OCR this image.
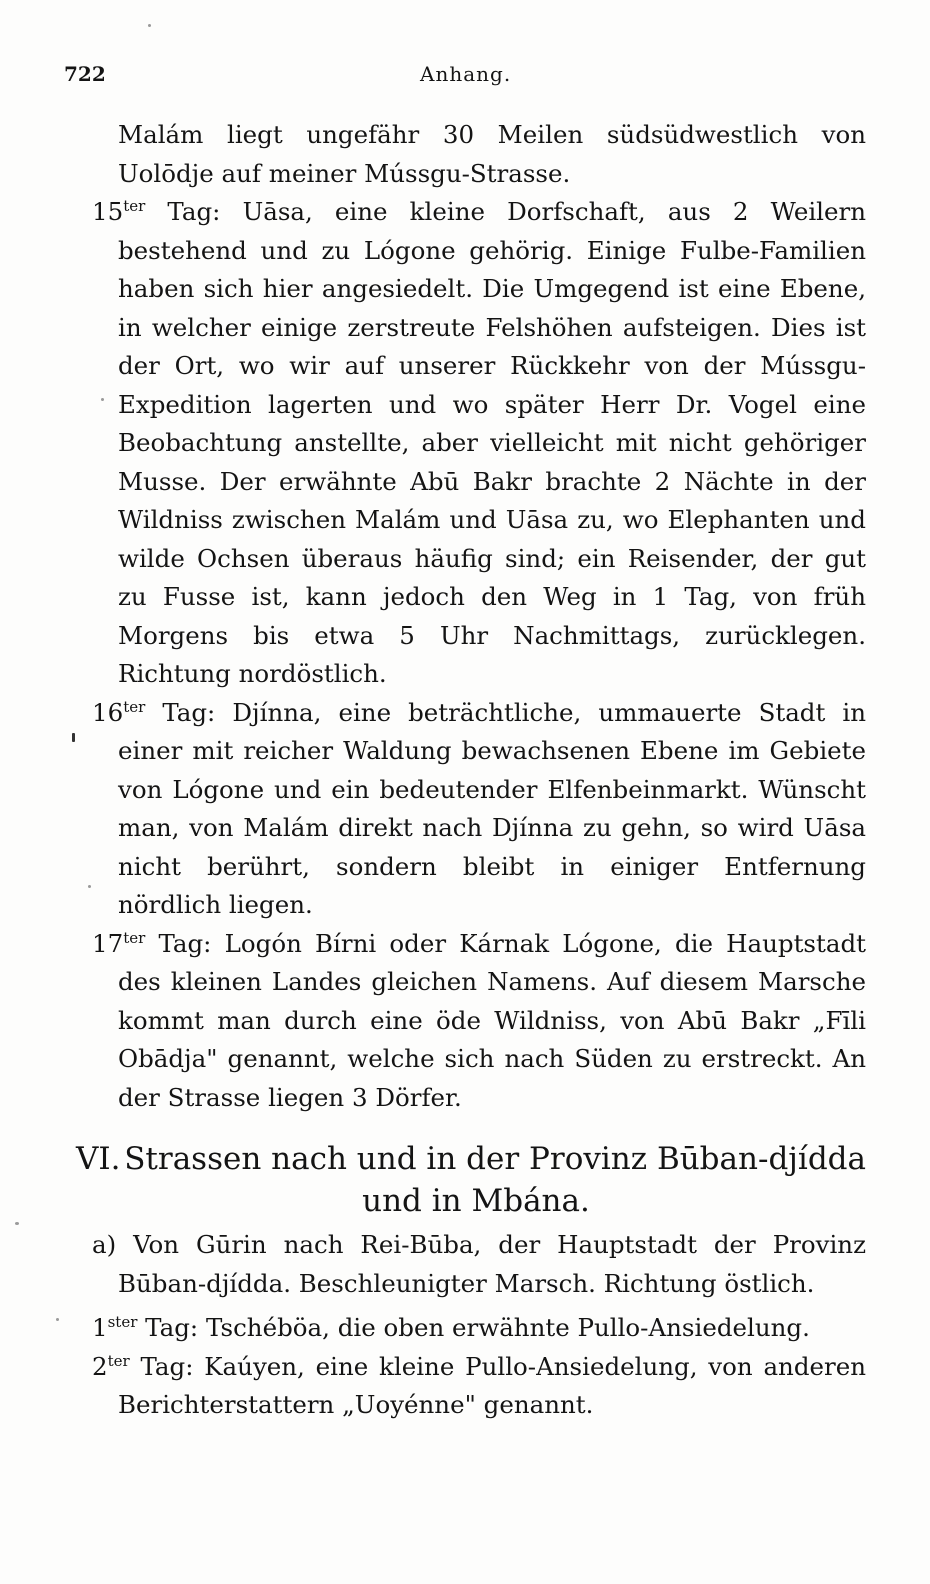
722	Anhang.

Malám liegt ungefähr 30 Meilen südsüdwestlich von Uolōdje auf meiner Mússgu-Strasse.

$15^{ter}$ Tag: Uāsa, eine kleine Dorfschaft, aus 2 Weilern bestehend und zu Lógone gehörig. Einige Fulbe-Familien haben sich hier angesiedelt. Die Umgegend ist eine Ebene, in welcher einige zerstreute Felshöhen aufsteigen. Dies ist der Ort, wo wir auf unserer Rückkehr von der Mússgu-Expedition lagerten und wo später Herr Dr. Vogel eine Beobachtung anstellte, aber vielleicht mit nicht gehöriger Musse. Der erwähnte Abū Bakr brachte 2 Nächte in der Wildniss zwischen Malám und Uāsa zu, wo Elephanten und wilde Ochsen überaus häufig sind; ein Reisender, der gut zu Fusse ist, kann jedoch den Weg in 1 Tag, von früh Morgens bis etwa 5 Uhr Nachmittags, zurücklegen. Richtung nordöstlich.

$16^{ter}$ Tag: Djínna, eine beträchtliche, ummauerte Stadt in einer mit reicher Waldung bewachsenen Ebene im Gebiete von Lógone und ein bedeutender Elfenbeinmarkt. Wünscht man, von Malám direkt nach Djínna zu gehn, so wird Uāsa nicht berührt, sondern bleibt in einiger Entfernung nördlich liegen.

$17^{ter}$ Tag: Logón Bírni oder Kárnak Lógone, die Hauptstadt des kleinen Landes gleichen Namens. Auf diesem Marsche kommt man durch eine öde Wildniss, von Abū Bakr „Fīli Obādja" genannt, welche sich nach Süden zu erstreckt. An der Strasse liegen 3 Dörfer.

VI. Strassen nach und in der Provinz Būban-djídda
und in Mbána.

a) Von Gūrin nach Rei-Būba, der Hauptstadt der Provinz Būban-djídda. Beschleunigter Marsch. Richtung östlich.

$1^{ster}$ Tag: Tschéböa, die oben erwähnte Pullo-Ansiedelung.

$2^{ter}$ Tag: Kaúyen, eine kleine Pullo-Ansiedelung, von anderen Berichterstattern „Uoyénne" genannt.
